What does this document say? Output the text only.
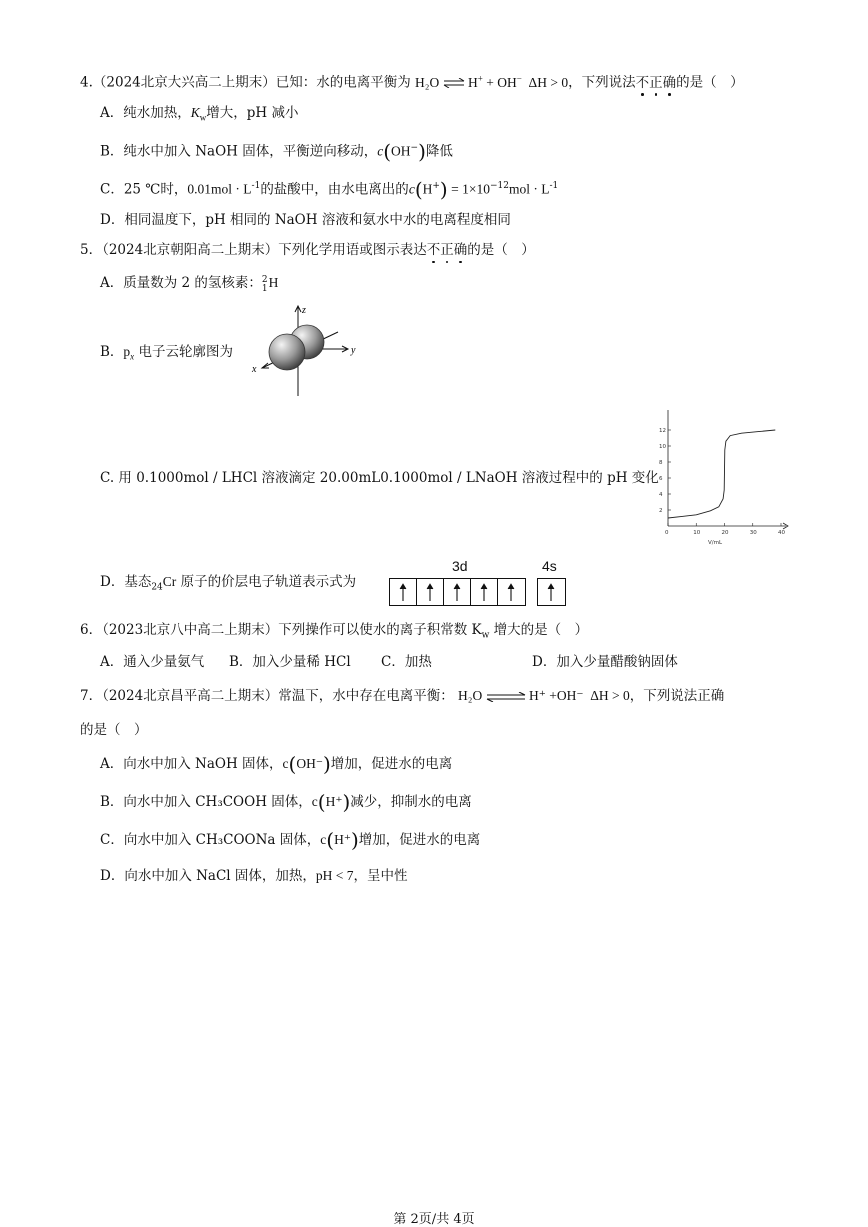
4.（2024北京大兴高二上期末）已知：水的电离平衡为 H₂O ⇌H+ + OH− ΔH > 0，下列说法不正确的是（　）
A．纯水加热，$K_w$增大，pH 减小
B．纯水中加入 NaOH 固体，平衡逆向移动，c(OH−)降低
C．25 ℃时，$0.01mol \cdot L^{-1}$的盐酸中，由水电离出的$c(H^+) = 1\times 10^{-12}mol \cdot L^{-1}$
D．相同温度下，pH 相同的 NaOH 溶液和氨水中水的电离程度相同
5．（2024北京朝阳高二上期末）下列化学用语或图示表达不正确的是（　）
A．质量数为 2 的氢核素：2
1H
B．$p_x$ 电子云轮廓图为
z
y
x
C. 用 0.1000mol / LHCl 溶液滴定 20.00mL0.1000mol / LNaOH 溶液过程中的 pH 变化
12
10
8
6
4
2
0	10	20	30	40
V/mL
D．基态$_{24}$Cr 原子的价层电子轨道表示式为
3d	4s
6．（2023北京八中高二上期末）下列操作可以使水的离子积常数 $K_w$ 增大的是（　）
A．通入少量氨气 B．加入少量稀 HCl C．加热	D．加入少量醋酸钠固体
7．（2024北京昌平高二上期末）常温下，水中存在电离平衡： H₂O ⇌H⁺ +OH⁻ ΔH > 0，下列说法正确
的是（　）
A．向水中加入 NaOH 固体，c(OH⁻)增加，促进水的电离
B．向水中加入 CH₃COOH 固体，c(H⁺)减少，抑制水的电离
C．向水中加入 CH₃COONa 固体，c(H⁺)增加，促进水的电离
D．向水中加入 NaCl 固体，加热，pH < 7，呈中性
第 2页/共 4页
